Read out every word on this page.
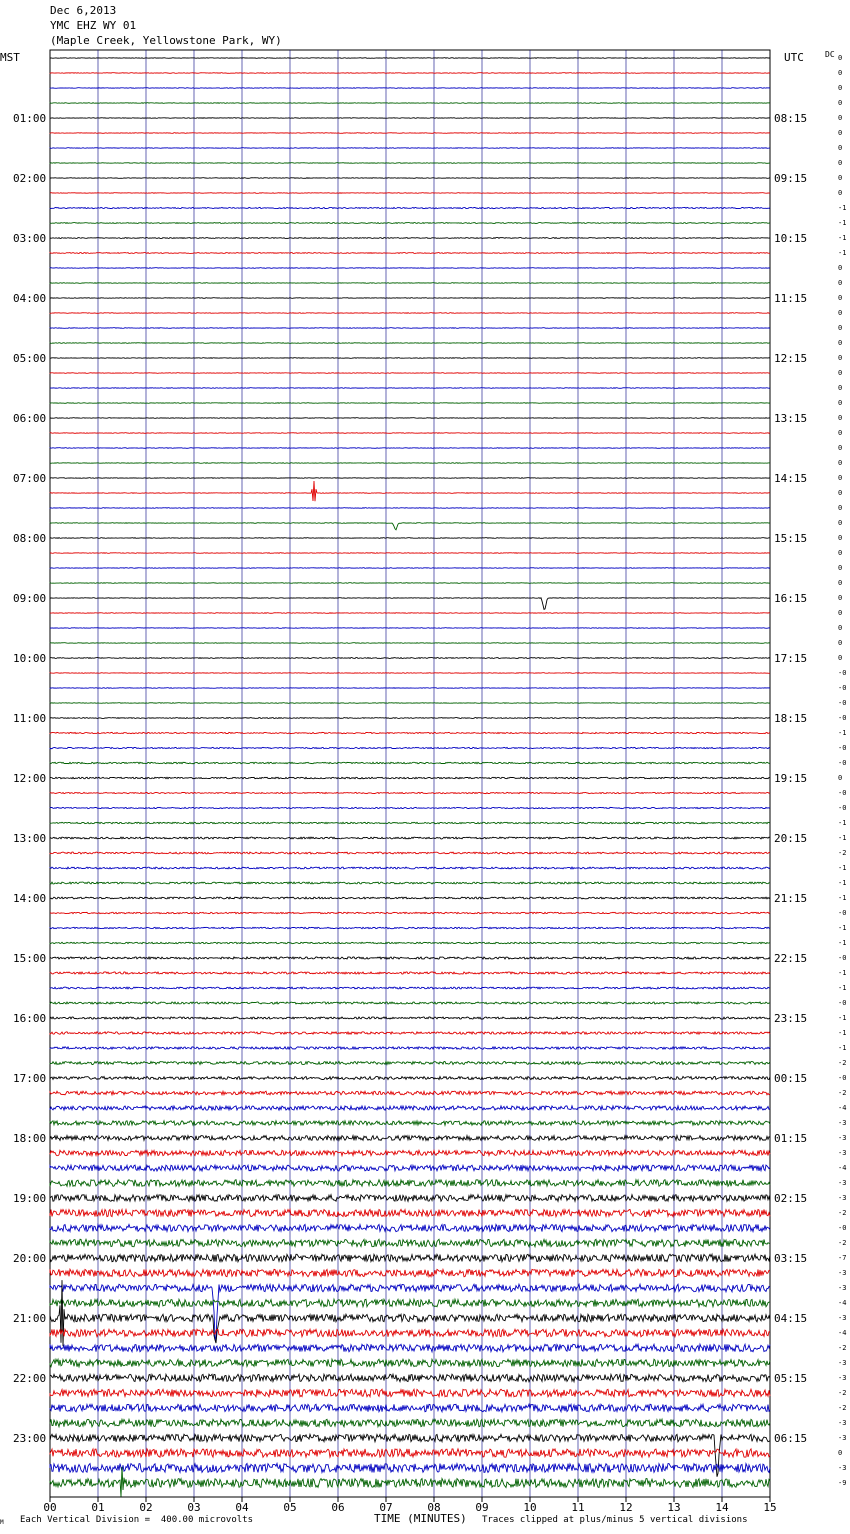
Dec 6,2013
YMC EHZ WY 01
(Maple Creek, Yellowstone Park, WY)
0
0
0
0
0
0
0
0
0
0
-1
-1
-1
-1
0
0
0
0
0
0
0
0
0
0
0
0
0
0
0
0
0
0
0
0
0
0
0
0
0
0
0
-0
-0
-0
-0
-1
-0
-0
0
-0
-0
-1
-1
-2
-1
-1
-1
-0
-1
-1
-0
-1
-1
-0
-1
-1
-1
-2
-0
-2
-4
-3
-3
-3
-4
-3
-3
-2
-0
-2
-7
-3
-3
-4
-3
-4
-2
-3
-3
-2
-2
-3
-3
0
-3
-9
01:00
02:00
03:00
04:00
05:00
06:00
07:00
08:00
09:00
10:00
11:00
12:00
13:00
14:00
15:00
16:00
17:00
18:00
19:00
20:00
21:00
22:00
23:00
08:15
09:15
10:15
11:15
12:15
13:15
14:15
15:15
16:15
17:15
18:15
19:15
20:15
21:15
22:15
23:15
00:15
01:15
02:15
03:15
04:15
05:15
06:15
00	01	02	03	04	05	06	07	08	09	10	11	12	13	14	15
MST	UTC	DC
TIME (MINUTES)
M Each Vertical Division =  400.00 microvolts	Traces clipped at plus/minus 5 vertical divisions
